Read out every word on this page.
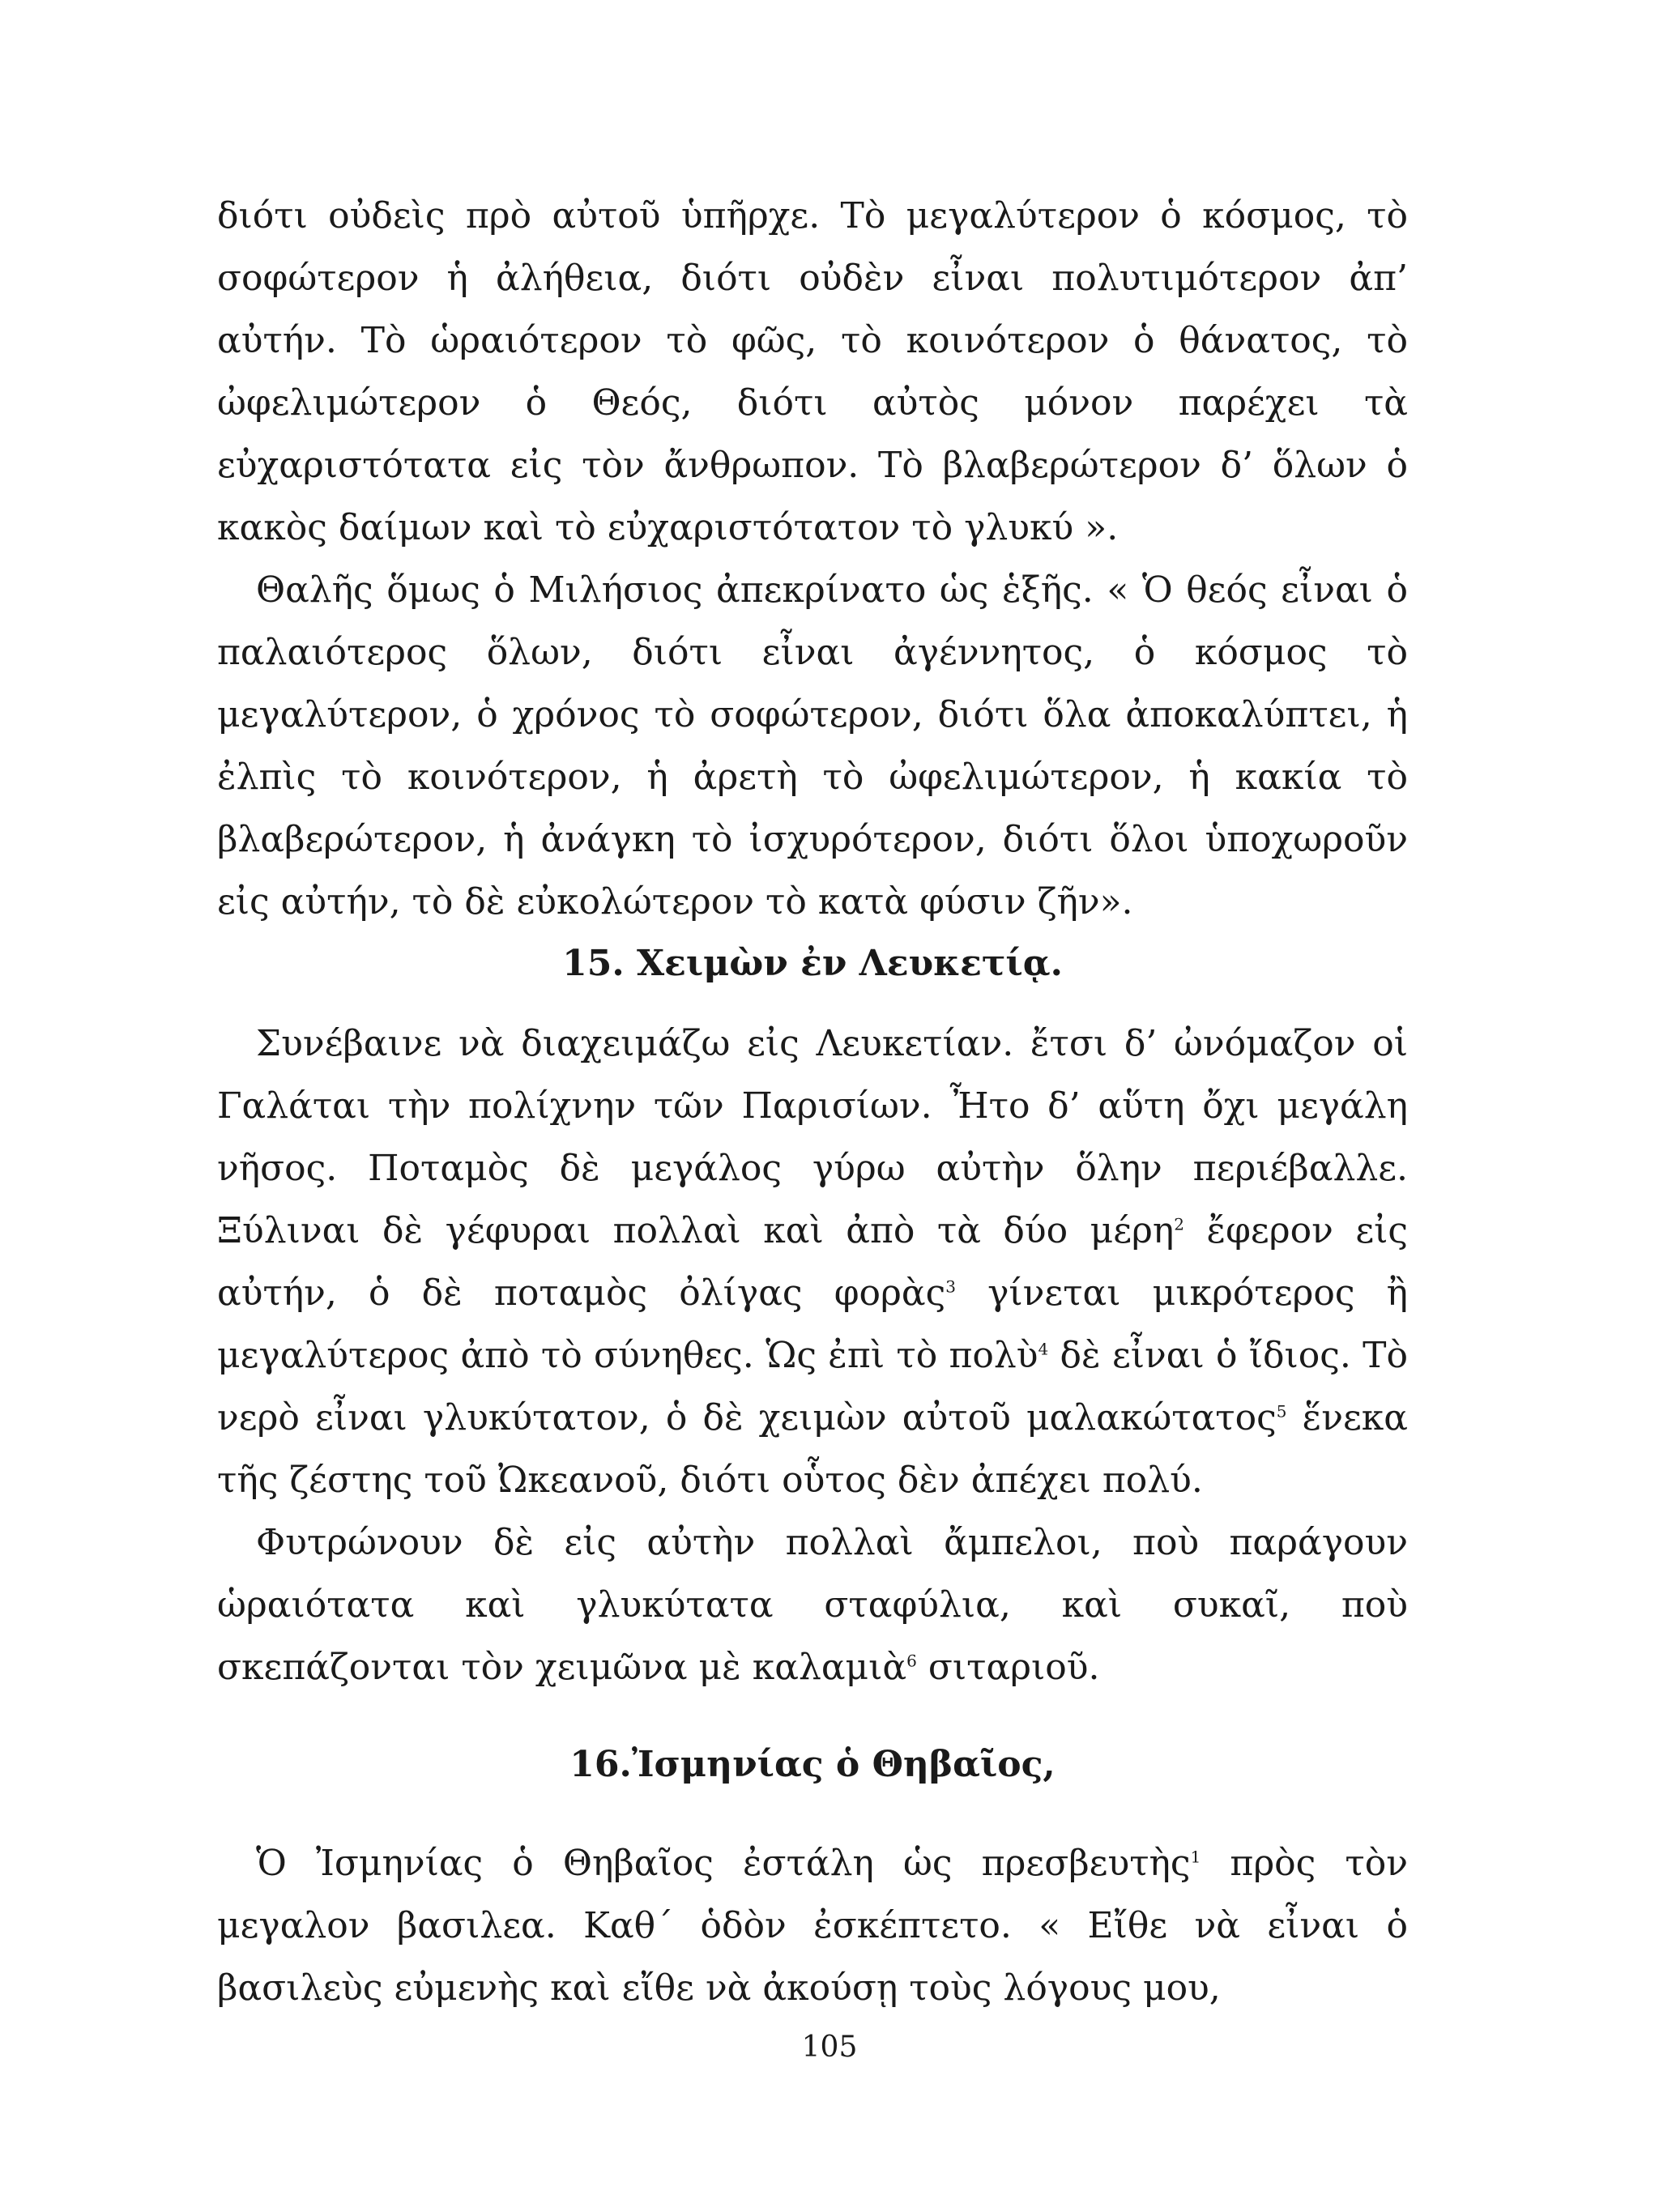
διότι οὐδεὶς πρὸ αὐτοῦ ὑπῆρχε. Τὸ μεγαλύτερον ὁ κόσμος, τὸ σοφώτερον ἡ ἀλήθεια, διότι οὐδὲν εἶναι πολυτιμότερον ἀπ’ αὐτήν. Τὸ ὡραιότερον τὸ φῶς, τὸ κοινότερον ὁ θάνατος, τὸ ὠφελιμώτερον ὁ Θεός, διότι αὐτὸς μόνον παρέχει τὰ εὐχαριστότατα εἰς τὸν ἄνθρωπον. Τὸ βλαβερώτερον δ’ ὅλων ὁ κακὸς δαίμων καὶ τὸ εὐχαριστότατον τὸ γλυκύ ».

Θαλῆς ὅμως ὁ Μιλήσιος ἀπεκρίνατο ὡς ἑξῆς. « Ὁ θεός εἶναι ὁ παλαιότερος ὅλων, διότι εἶναι ἀγέννητος, ὁ κόσμος τὸ μεγαλύτερον, ὁ χρόνος τὸ σοφώτερον, διότι ὅλα ἀποκαλύπτει, ἡ ἐλπὶς τὸ κοινότερον, ἡ ἀρετὴ τὸ ὠφελιμώτερον, ἡ κακία τὸ βλαβερώτερον, ἡ ἀνάγκη τὸ ἰσχυρότερον, διότι ὅλοι ὑποχωροῦν εἰς αὐτήν, τὸ δὲ εὐκολώτερον τὸ κατὰ φύσιν ζῆν».

15. Χειμὼν ἐν Λευκετίᾳ.

Συνέβαινε νὰ διαχειμάζω εἰς Λευκετίαν. ἔτσι δ’ ὠνόμαζον οἱ Γαλάται τὴν πολίχνην τῶν Παρισίων. Ἦτο δ’ αὕτη ὄχι μεγάλη νῆσος. Ποταμὸς δὲ μεγάλος γύρω αὐτὴν ὅλην περιέβαλλε. Ξύλιναι δὲ γέφυραι πολλαὶ καὶ ἀπὸ τὰ δύο μέρη$^2$ ἔφερον εἰς αὐτήν, ὁ δὲ ποταμὸς ὀλίγας φορὰς$^3$ γίνεται μικρότερος ἢ μεγαλύτερος ἀπὸ τὸ σύνηθες. Ὡς ἐπὶ τὸ πολὺ$^4$ δὲ εἶναι ὁ ἴδιος. Τὸ νερὸ εἶναι γλυκύτατον, ὁ δὲ χειμὼν αὐτοῦ μαλακώτατος$^5$ ἕνεκα τῆς ζέστης τοῦ Ὠκεανοῦ, διότι οὗτος δὲν ἀπέχει πολύ.

Φυτρώνουν δὲ εἰς αὐτὴν πολλαὶ ἄμπελοι, ποὺ παράγουν ὡραιότατα καὶ γλυκύτατα σταφύλια, καὶ συκαῖ, ποὺ σκεπάζονται τὸν χειμῶνα μὲ καλαμιὰ$^6$ σιταριοῦ.

16.Ἰσμηνίας ὁ Θηβαῖος,

Ὁ Ἰσμηνίας ὁ Θηβαῖος ἐστάλη ὡς πρεσβευτὴς$^1$ πρὸς τὸν μεγαλον βασιλεα. Καθ΄ ὁδὸν ἐσκέπτετο. « Εἴθε νὰ εἶναι ὁ βασιλεὺς εὐμενὴς καὶ εἴθε νὰ ἀκούσῃ τοὺς λόγους μου,

105
